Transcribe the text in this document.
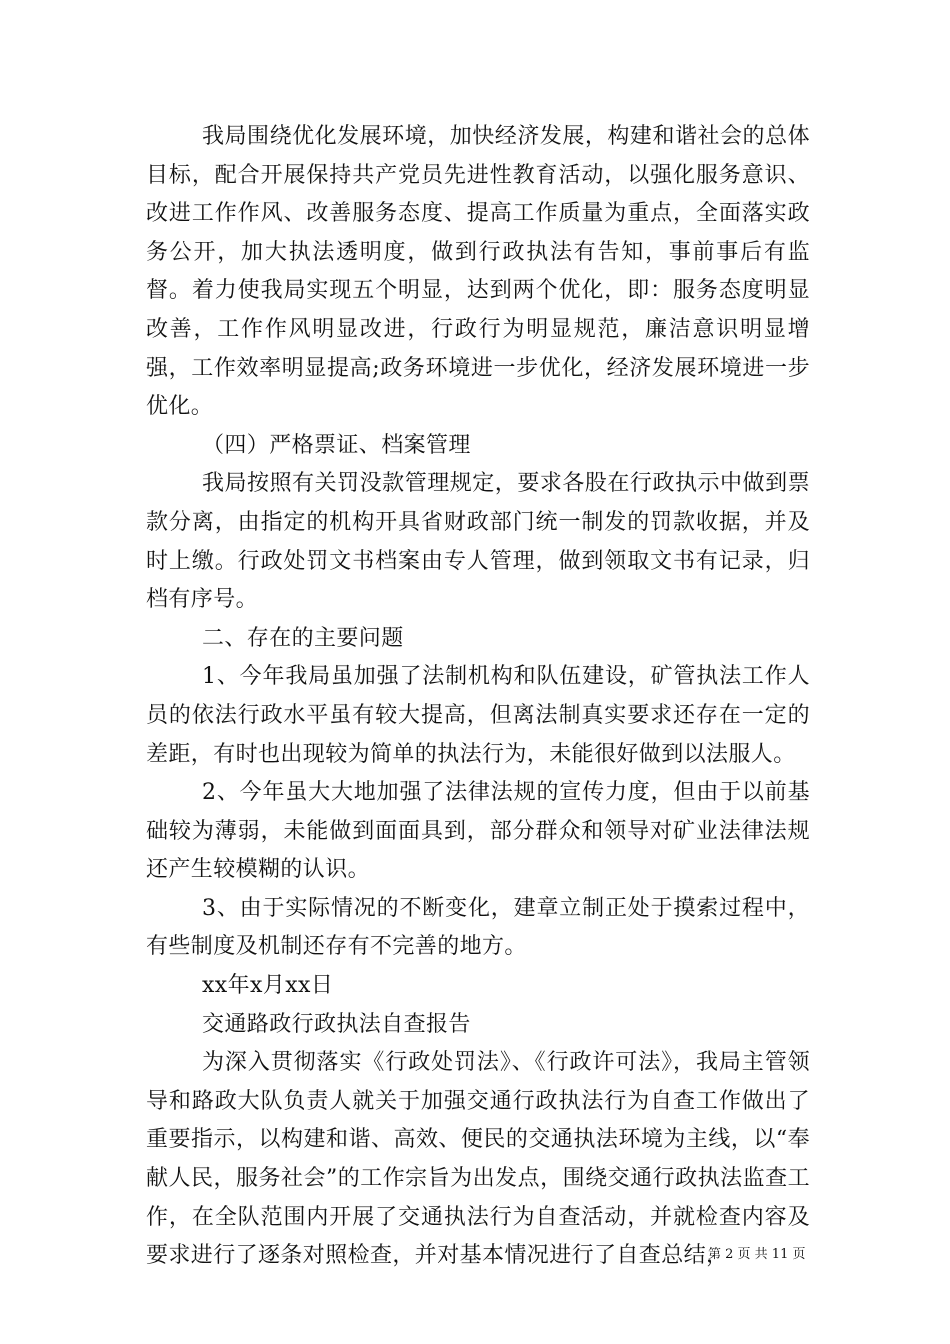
我局围绕优化发展环境，加快经济发展，构建和谐社会的总体目标，配合开展保持共产党员先进性教育活动，以强化服务意识、改进工作作风、改善服务态度、提高工作质量为重点，全面落实政务公开，加大执法透明度，做到行政执法有告知，事前事后有监督。着力使我局实现五个明显，达到两个优化，即：服务态度明显改善，工作作风明显改进，行政行为明显规范，廉洁意识明显增强，工作效率明显提高;政务环境进一步优化，经济发展环境进一步优化。

（四）严格票证、档案管理

我局按照有关罚没款管理规定，要求各股在行政执示中做到票款分离，由指定的机构开具省财政部门统一制发的罚款收据，并及时上缴。行政处罚文书档案由专人管理，做到领取文书有记录，归档有序号。

二、存在的主要问题

1、今年我局虽加强了法制机构和队伍建设，矿管执法工作人员的依法行政水平虽有较大提高，但离法制真实要求还存在一定的差距，有时也出现较为简单的执法行为，未能很好做到以法服人。

2、今年虽大大地加强了法律法规的宣传力度，但由于以前基础较为薄弱，未能做到面面具到，部分群众和领导对矿业法律法规还产生较模糊的认识。

3、由于实际情况的不断变化，建章立制正处于摸索过程中，有些制度及机制还存有不完善的地方。

xx年x月xx日

交通路政行政执法自查报告

为深入贯彻落实《行政处罚法》、《行政许可法》，我局主管领导和路政大队负责人就关于加强交通行政执法行为自查工作做出了重要指示，以构建和谐、高效、便民的交通执法环境为主线，以“奉献人民，服务社会”的工作宗旨为出发点，围绕交通行政执法监查工作，在全队范围内开展了交通执法行为自查活动，并就检查内容及要求进行了逐条对照检查，并对基本情况进行了自查总结，

第 2 页 共 11 页
